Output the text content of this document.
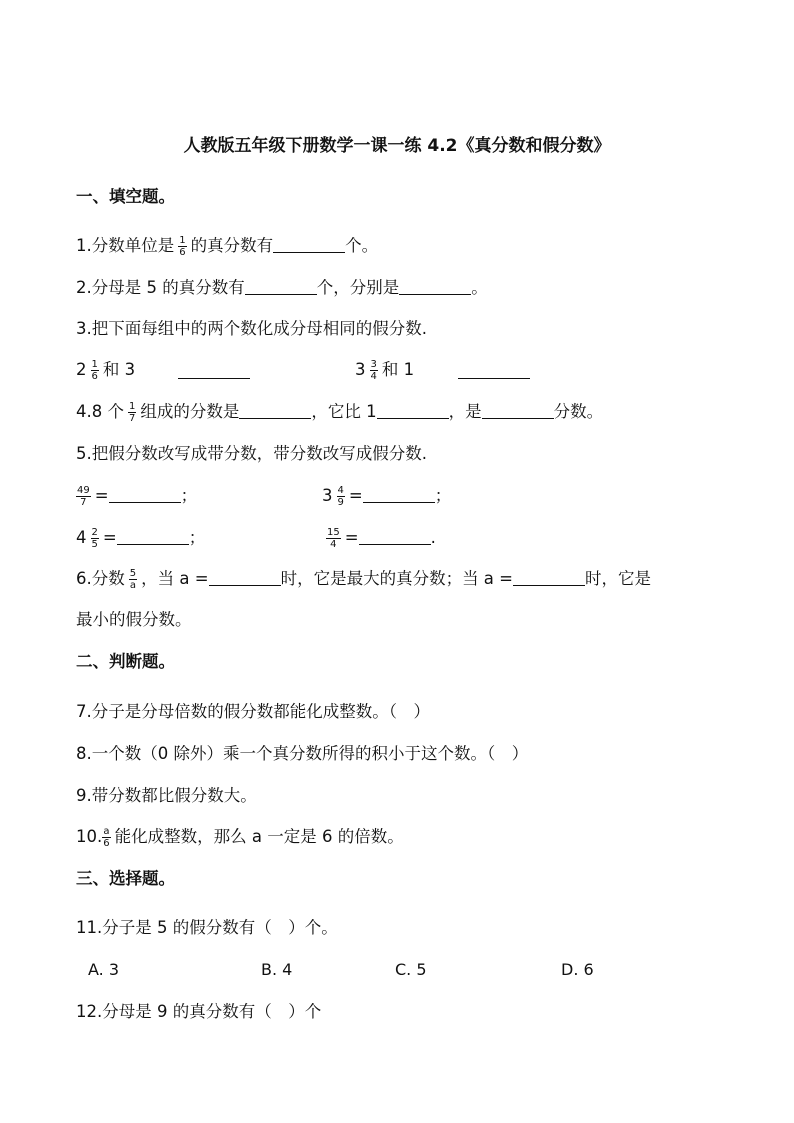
人教版五年级下册数学一课一练 4.2《真分数和假分数》
一、填空题。
1.分数单位是 $\frac{1}{6}$ 的真分数有	个。
2.分母是 5 的真分数有	个，分别是	。
3.把下面每组中的两个数化成分母相同的假分数.
$2 \frac{1}{6}$ 和 3	$3 \frac{3}{4}$ 和 1
4.8 个 $\frac{1}{7}$ 组成的分数是	，它比 1	，是	分数。
5.把假分数改写成带分数，带分数改写成假分数.
$\frac{49}{7}$ =	；	$3 \frac{4}{9}$ =	；
$4 \frac{2}{5}$ =	；	$\frac{15}{4}$ =	.
6.分数 $\frac{5}{a}$ ，当 a =	时，它是最大的真分数；当 a =	时，它是
最小的假分数。
二、判断题。
7.分子是分母倍数的假分数都能化成整数。（　）
8.一个数（0 除外）乘一个真分数所得的积小于这个数。（　）
9.带分数都比假分数大。
10. $\frac{a}{6}$ 能化成整数，那么 a 一定是 6 的倍数。
三、选择题。
11.分子是 5 的假分数有（　）个。
A. 3	B. 4	C. 5	D. 6
12.分母是 9 的真分数有（　）个
